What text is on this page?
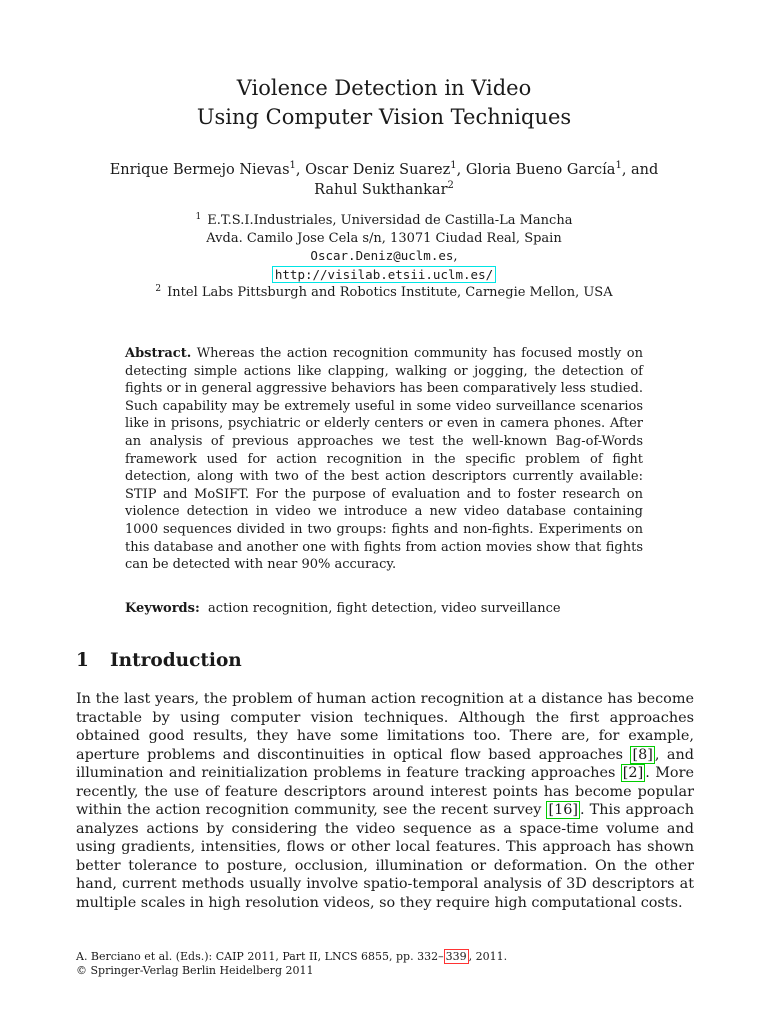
Violence Detection in Video
Using Computer Vision Techniques
Enrique Bermejo Nievas$^1$, Oscar Deniz Suarez$^1$, Gloria Bueno García$^1$, and
Rahul Sukthankar$^2$
$^1$ E.T.S.I.Industriales, Universidad de Castilla-La Mancha
Avda. Camilo Jose Cela s/n, 13071 Ciudad Real, Spain
Oscar.Deniz@uclm.es,
http://visilab.etsii.uclm.es/
$^2$ Intel Labs Pittsburgh and Robotics Institute, Carnegie Mellon, USA
Abstract. Whereas the action recognition community has focused mostly on detecting simple actions like clapping, walking or jogging, the detection of fights or in general aggressive behaviors has been comparatively less studied. Such capability may be extremely useful in some video surveillance scenarios like in prisons, psychiatric or elderly centers or even in camera phones. After an analysis of previous approaches we test the well-known Bag-of-Words framework used for action recognition in the specific problem of fight detection, along with two of the best action descriptors currently available: STIP and MoSIFT. For the purpose of evaluation and to foster research on violence detection in video we introduce a new video database containing 1000 sequences divided in two groups: fights and non-fights. Experiments on this database and another one with fights from action movies show that fights can be detected with near 90% accuracy.
Keywords: action recognition, fight detection, video surveillance
1 Introduction
In the last years, the problem of human action recognition at a distance has become tractable by using computer vision techniques. Although the first approaches obtained good results, they have some limitations too. There are, for example, aperture problems and discontinuities in optical flow based approaches [8] , and illumination and reinitialization problems in feature tracking approaches [2] . More recently, the use of feature descriptors around interest points has become popular within the action recognition community, see the recent survey [16] . This approach analyzes actions by considering the video sequence as a space-time volume and using gradients, intensities, flows or other local features. This approach has shown better tolerance to posture, occlusion, illumination or deformation. On the other hand, current methods usually involve spatio-temporal analysis of 3D descriptors at multiple scales in high resolution videos, so they require high computational costs.
A. Berciano et al. (Eds.): CAIP 2011, Part II, LNCS 6855, pp. 332– 339 , 2011.
© Springer-Verlag Berlin Heidelberg 2011
